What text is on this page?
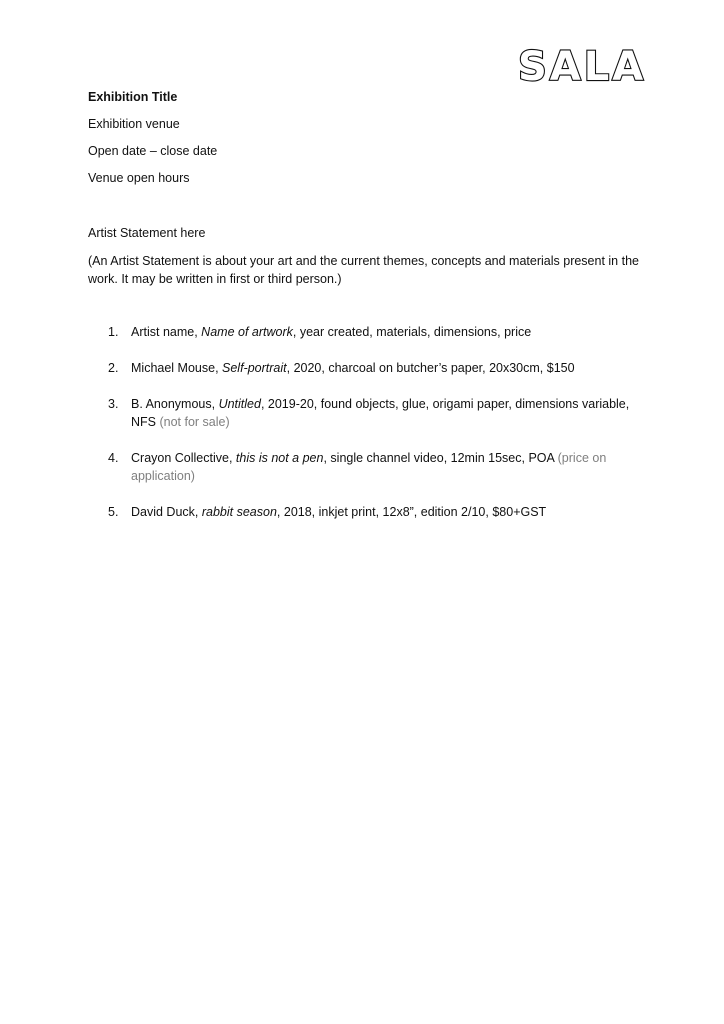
SALA
Exhibition Title
Exhibition venue
Open date – close date
Venue open hours
Artist Statement here
(An Artist Statement is about your art and the current themes, concepts and materials present in the work. It may be written in first or third person.)
1. Artist name, Name of artwork, year created, materials, dimensions, price
2. Michael Mouse, Self-portrait, 2020, charcoal on butcher’s paper, 20x30cm, $150
3. B. Anonymous, Untitled, 2019-20, found objects, glue, origami paper, dimensions variable, NFS (not for sale)
4. Crayon Collective, this is not a pen, single channel video, 12min 15sec, POA (price on application)
5. David Duck, rabbit season, 2018, inkjet print, 12x8”, edition 2/10, $80+GST
